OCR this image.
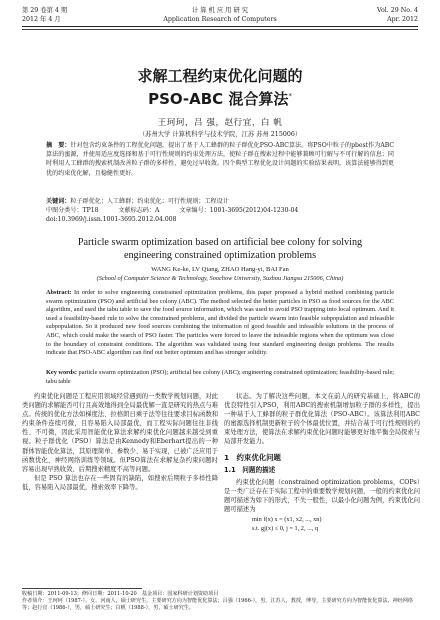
第 29 卷第 4 期
2012 年 4 月
计 算 机 应 用 研 究
Application Research of Computers
Vol. 29 No. 4
Apr. 2012
求解工程约束优化问题的
PSO-ABC 混合算法*
王珂珂，吕 强，赵行宜，白 帆
（苏州大学 计算机科学与技术学院，江苏 苏州 215006）
摘　要：针对包含约束条件的工程优化问题，提出了基于人工蜂群的粒子群优化PSO-ABC算法。将PSO中粒子的pbest作为ABC算法的蜜源，并使用适应度选择和基于可行性规则的约束处理方法，使粒子群在搜索过程中能够兼顾可行解与不可行解的信息；同时利用人工蜂群的搜索机制改善粒子群的多样性，避免过早收敛。四个典型工程优化设计问题的实验结果表明，该算法能够得到更优的约束优化解，且稳健性更好。
关键词：粒子群优化；人工蜂群；约束优化；可行性规则；工程设计
中图分类号：TP18	文献标志码：A	文章编号：1001-3695(2012)04-1230-04
doi:10.3969/j.issn.1001-3695.2012.04.008
Particle swarm optimization based on artificial bee colony for solving
engineering constrained optimization problems
WANG Ke-ke, LV Qiang, ZHAO Hang-yi, BAI Fan
(School of Computer Science & Technology, Soochow University, Suzhou Jiangsu 215006, China)
Abstract: In order to solve engineering constrained optimization problems, this paper proposed a hybrid method combining particle swarm optimization (PSO) and artificial bee colony (ABC). The method selected the better particles in PSO as food sources for the ABC algorithm, and used the tabu table to save the food source information, which was used to avoid PSO trapping into local optimum. And it used a feasibility-based rule to solve the constrained problems, and divided the particle swarm into feasible subpopulation and infeasible subpopulation. So it produced new food sources combining the information of good feasible and infeasible solutions in the process of ABC, which could make the search of PSO faster. The particles were forced to leave the infeasible regions when the optimum was close to the boundary of constraint conditions. The algorithm was validated using four standard engineering design problems. The results indicate that PSO-ABC algorithm can find out better optimum and has stronger solidity.
Key words: particle swarm optimization (PSO); artificial bee colony (ABC); engineering constrained optimization; feasibility-based rule; tabu table

约束优化问题是工程应用领域经常遇到的一类数学规划问题，对此类问题的求解能否可行且高效地得到全局最优解一直是研究的热点与难点。传统的优化方法如梯度法、拉格朗日乘子法等往往要求目标函数和约束条件连续可微，且容易陷入局部最优，而工程实际问题往往非线性、不可微，因此采用智能优化算法求解约束优化问题越来越受到重视。粒子群优化（PSO）算法是由Kennedy和Eberhart提出的一种群体智能优化算法，其原理简单、参数少、易于实现，已被广泛应用于函数优化、神经网络训练等领域。但PSO算法在求解复杂约束问题时容易出现早熟收敛、后期搜索精度不高等问题。

但是 PSO 算法也存在一些固有的缺陷，如搜索后期粒子多样性降低，容易陷入局部最优，搜索效率下降等。

状态。为了解决这些问题，本文在前人的研究基础上，将ABC的优良特性引入PSO，利用ABC的搜索机制增加粒子群的多样性，提出一种基于人工蜂群的粒子群优化算法（PSO-ABC）。该算法利用ABC的蜜源选择机制更新粒子的个体最优位置，并结合基于可行性规则的约束处理方法，使算法在求解约束优化问题时能够更好地平衡全局探索与局部开发能力。

1　约束优化问题
1.1　问题的描述

约束优化问题（constrained optimization problems，COPs）是一类广泛存在于实际工程中的重要数学规划问题，一般的约束优化问题可描述为如下的形式，不失一般性，以最小化问题为例，约束优化问题可描述为

min f(x) x = (x1, x2, ..., xn)
s.t. gj(x) ≤ 0, j = 1, 2, ..., q
收稿日期：2011-09-13；修回日期：2011-10-20　 基金项目：国家科研计划资助项目
作者简介：王珂珂（1987-），女，河南人，硕士研究生，主要研究方向为智能优化算法；吕强（1966-），男，江苏人，教授，博导，主要研究方向为智能优化算法、神经网络等；赵行宜（1986-），男，硕士研究生；白帆（1988-），男，硕士研究生。
